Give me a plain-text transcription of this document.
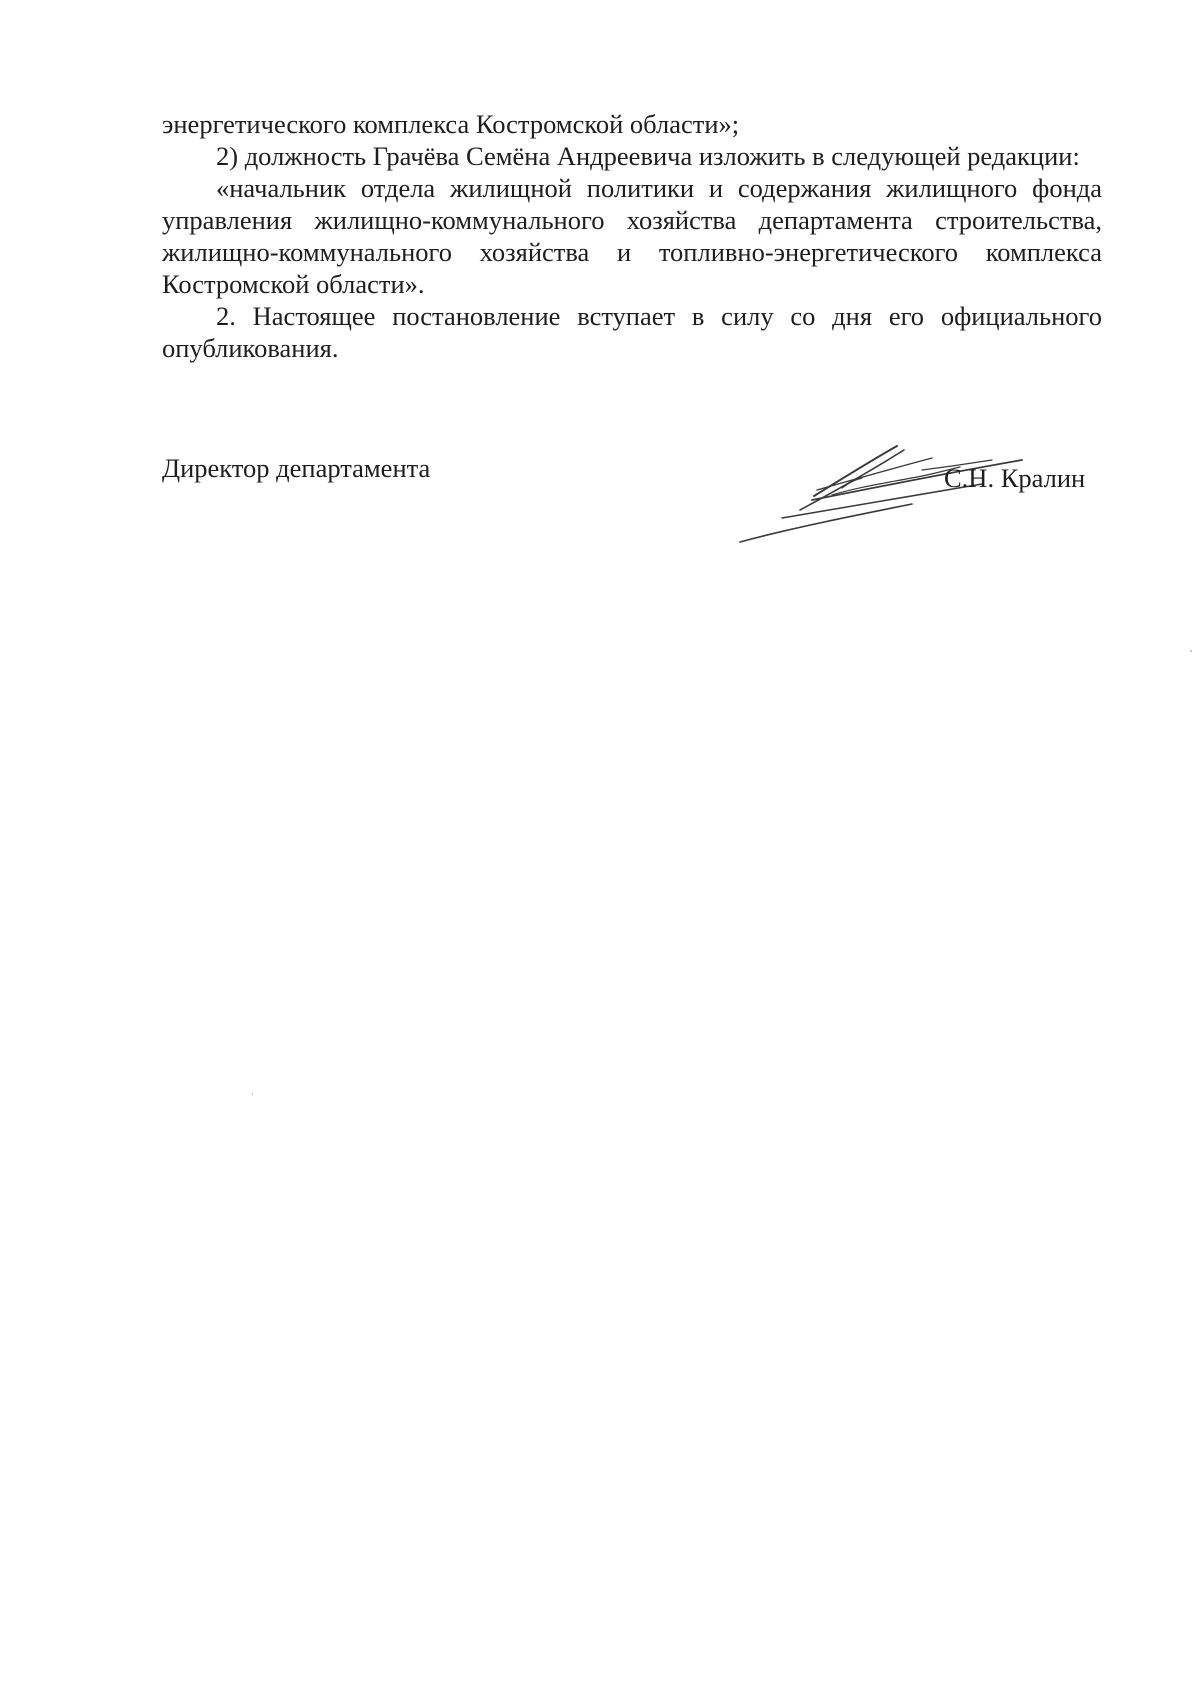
энергетического комплекса Костромской области»;

2) должность Грачёва Семёна Андреевича изложить в следующей редакции:

«начальник отдела жилищной политики и содержания жилищного фонда управления жилищно-коммунального хозяйства департамента строительства, жилищно-коммунального хозяйства и топливно-энергетического комплекса Костромской области».

2. Настоящее постановление вступает в силу со дня его официального опубликования.

Директор департамента	С.Н. Кралин
